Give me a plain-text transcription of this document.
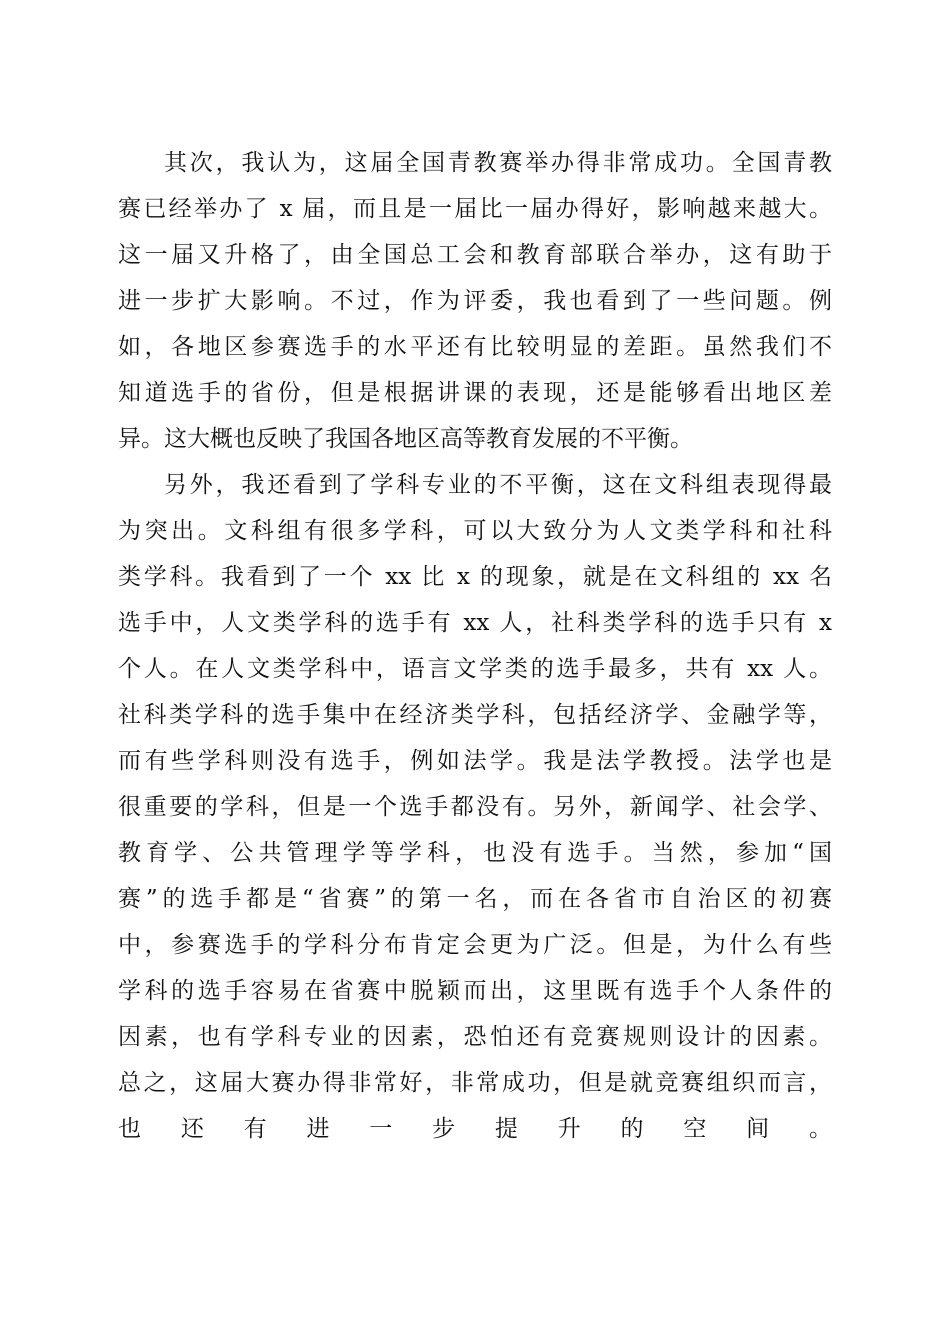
其次，我认为，这届全国青教赛举办得非常成功。全国青教
赛已经举办了 x 届，而且是一届比一届办得好，影响越来越大。
这一届又升格了，由全国总工会和教育部联合举办，这有助于
进一步扩大影响。不过，作为评委，我也看到了一些问题。例
如，各地区参赛选手的水平还有比较明显的差距。虽然我们不
知道选手的省份，但是根据讲课的表现，还是能够看出地区差
异。这大概也反映了我国各地区高等教育发展的不平衡。
另外，我还看到了学科专业的不平衡，这在文科组表现得最
为突出。文科组有很多学科，可以大致分为人文类学科和社科
类学科。我看到了一个 xx 比 x 的现象，就是在文科组的 xx 名
选手中，人文类学科的选手有 xx 人，社科类学科的选手只有 x
个人。在人文类学科中，语言文学类的选手最多，共有 xx 人。
社科类学科的选手集中在经济类学科，包括经济学、金融学等，
而有些学科则没有选手，例如法学。我是法学教授。法学也是
很重要的学科，但是一个选手都没有。另外，新闻学、社会学、
教育学、公共管理学等学科，也没有选手。当然，参加“国
赛”的选手都是“省赛”的第一名，而在各省市自治区的初赛
中，参赛选手的学科分布肯定会更为广泛。但是，为什么有些
学科的选手容易在省赛中脱颖而出，这里既有选手个人条件的
因素，也有学科专业的因素，恐怕还有竞赛规则设计的因素。
总之，这届大赛办得非常好，非常成功，但是就竞赛组织而言，
也还有进一步提升的空间。
